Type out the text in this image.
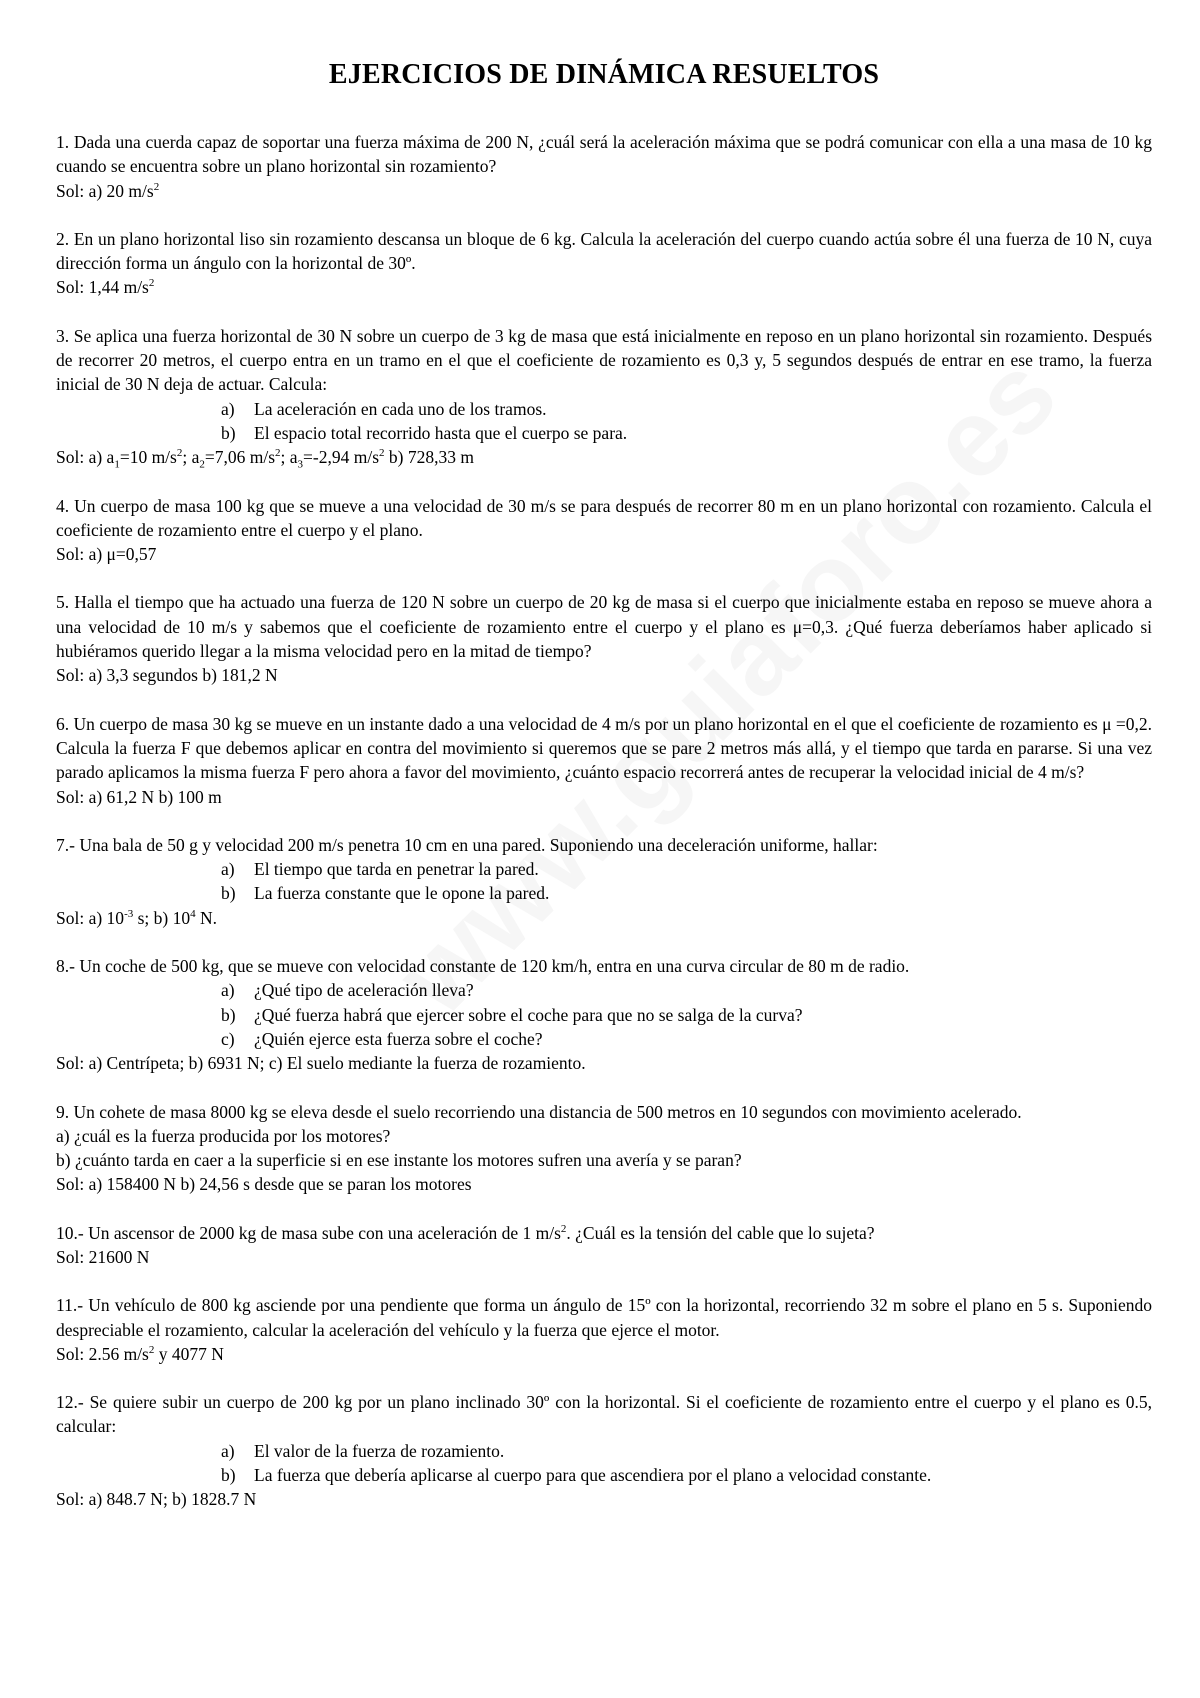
EJERCICIOS DE DINÁMICA RESUELTOS

1. Dada una cuerda capaz de soportar una fuerza máxima de 200 N, ¿cuál será la aceleración máxima que se podrá comunicar con ella a una masa de 10 kg cuando se encuentra sobre un plano horizontal sin rozamiento?

Sol: a) 20 $m/s^2$

2. En un plano horizontal liso sin rozamiento descansa un bloque de 6 kg. Calcula la aceleración del cuerpo cuando actúa sobre él una fuerza de 10 N, cuya dirección forma un ángulo con la horizontal de 30º.

Sol: 1,44 $m/s^2$

3. Se aplica una fuerza horizontal de 30 N sobre un cuerpo de 3 kg de masa que está inicialmente en reposo en un plano horizontal sin rozamiento. Después de recorrer 20 metros, el cuerpo entra en un tramo en el que el coeficiente de rozamiento es 0,3 y, 5 segundos después de entrar en ese tramo, la fuerza inicial de 30 N deja de actuar. Calcula:

a)	La aceleración en cada uno de los tramos.
b)	El espacio total recorrido hasta que el cuerpo se para.

Sol: a) $a_1=10$ $m/s^2$; $a_2=7,06$ $m/s^2$; $a_3=-2,94$ $m/s^2$ b) 728,33 m

4. Un cuerpo de masa 100 kg que se mueve a una velocidad de 30 m/s se para después de recorrer 80 m en un plano horizontal con rozamiento. Calcula el coeficiente de rozamiento entre el cuerpo y el plano.

Sol: a) μ=0,57

5. Halla el tiempo que ha actuado una fuerza de 120 N sobre un cuerpo de 20 kg de masa si el cuerpo que inicialmente estaba en reposo se mueve ahora a una velocidad de 10 m/s y sabemos que el coeficiente de rozamiento entre el cuerpo y el plano es μ=0,3. ¿Qué fuerza deberíamos haber aplicado si hubiéramos querido llegar a la misma velocidad pero en la mitad de tiempo?

Sol: a) 3,3 segundos b) 181,2 N

6. Un cuerpo de masa 30 kg se mueve en un instante dado a una velocidad de 4 m/s por un plano horizontal en el que el coeficiente de rozamiento es μ =0,2. Calcula la fuerza F que debemos aplicar en contra del movimiento si queremos que se pare 2 metros más allá, y el tiempo que tarda en pararse. Si una vez parado aplicamos la misma fuerza F pero ahora a favor del movimiento, ¿cuánto espacio recorrerá antes de recuperar la velocidad inicial de 4 m/s?

Sol: a) 61,2 N b) 100 m

7.- Una bala de 50 g y velocidad 200 m/s penetra 10 cm en una pared. Suponiendo una deceleración uniforme, hallar:

a)	El tiempo que tarda en penetrar la pared.
b)	La fuerza constante que le opone la pared.

Sol: a) $10^{-3}$ s; b) $10^4$ N.

8.- Un coche de 500 kg, que se mueve con velocidad constante de 120 km/h, entra en una curva circular de 80 m de radio.

a)	¿Qué tipo de aceleración lleva?
b)	¿Qué fuerza habrá que ejercer sobre el coche para que no se salga de la curva?
c)	¿Quién ejerce esta fuerza sobre el coche?

Sol: a) Centrípeta; b) 6931 N; c) El suelo mediante la fuerza de rozamiento.

9. Un cohete de masa 8000 kg se eleva desde el suelo recorriendo una distancia de 500 metros en 10 segundos con movimiento acelerado.

a) ¿cuál es la fuerza producida por los motores?

b) ¿cuánto tarda en caer a la superficie si en ese instante los motores sufren una avería y se paran?

Sol: a) 158400 N b) 24,56 s desde que se paran los motores

10.- Un ascensor de 2000 kg de masa sube con una aceleración de 1 $m/s^2$. ¿Cuál es la tensión del cable que lo sujeta?

Sol: 21600 N

11.- Un vehículo de 800 kg asciende por una pendiente que forma un ángulo de 15º con la horizontal, recorriendo 32 m sobre el plano en 5 s. Suponiendo despreciable el rozamiento, calcular la aceleración del vehículo y la fuerza que ejerce el motor.

Sol: 2.56 $m/s^2$ y 4077 N

12.- Se quiere subir un cuerpo de 200 kg por un plano inclinado 30º con la horizontal. Si el coeficiente de rozamiento entre el cuerpo y el plano es 0.5, calcular:

a)	El valor de la fuerza de rozamiento.
b)	La fuerza que debería aplicarse al cuerpo para que ascendiera por el plano a velocidad constante.

Sol: a) 848.7 N; b) 1828.7 N
